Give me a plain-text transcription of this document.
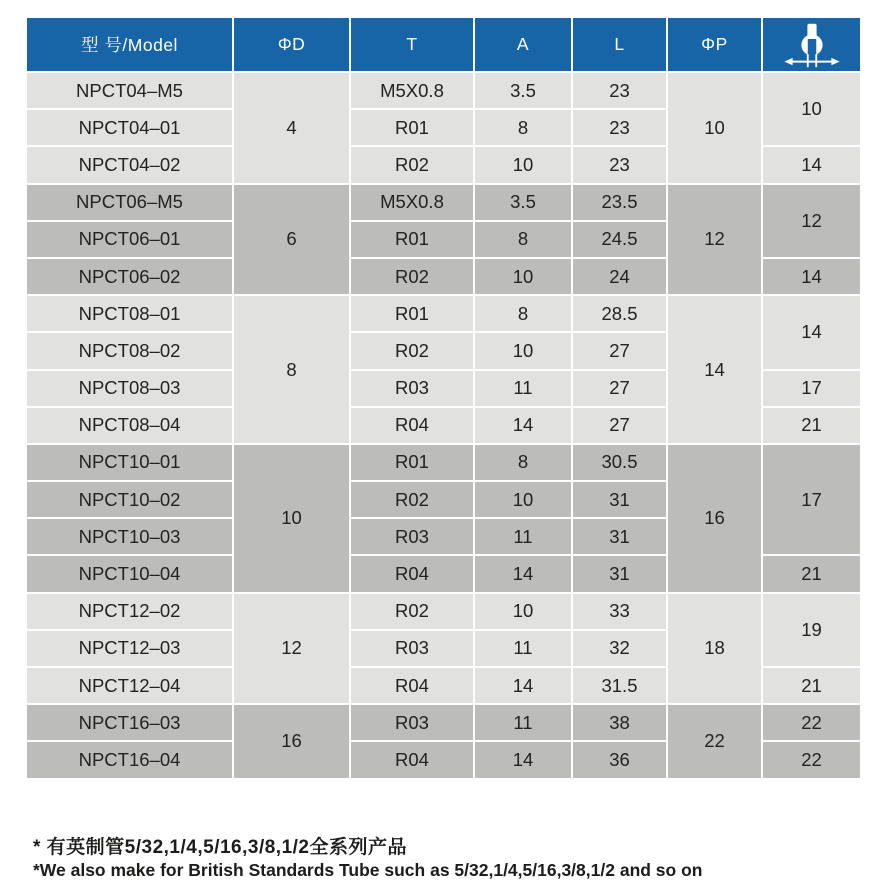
型 号/Model	ΦD	T	A	L	ΦP	

NPCT04–M5	4	M5X0.8	3.5	23	10	10
NPCT04–01		R01	8	23		
NPCT04–02		R02	10	23		14
NPCT06–M5	6	M5X0.8	3.5	23.5	12	12
NPCT06–01		R01	8	24.5		
NPCT06–02		R02	10	24		14
NPCT08–01	8	R01	8	28.5	14	14
NPCT08–02		R02	10	27		
NPCT08–03		R03	11	27		17
NPCT08–04		R04	14	27		21
NPCT10–01	10	R01	8	30.5	16	17
NPCT10–02		R02	10	31		
NPCT10–03		R03	11	31		
NPCT10–04		R04	14	31		21
NPCT12–02	12	R02	10	33	18	19
NPCT12–03		R03	11	32		
NPCT12–04		R04	14	31.5		21
NPCT16–03	16	R03	11	38	22	22
NPCT16–04		R04	14	36		22
* 有英制管5/32,1/4,5/16,3/8,1/2全系列产品
*We also make for British Standards Tube such as 5/32,1/4,5/16,3/8,1/2 and so on
